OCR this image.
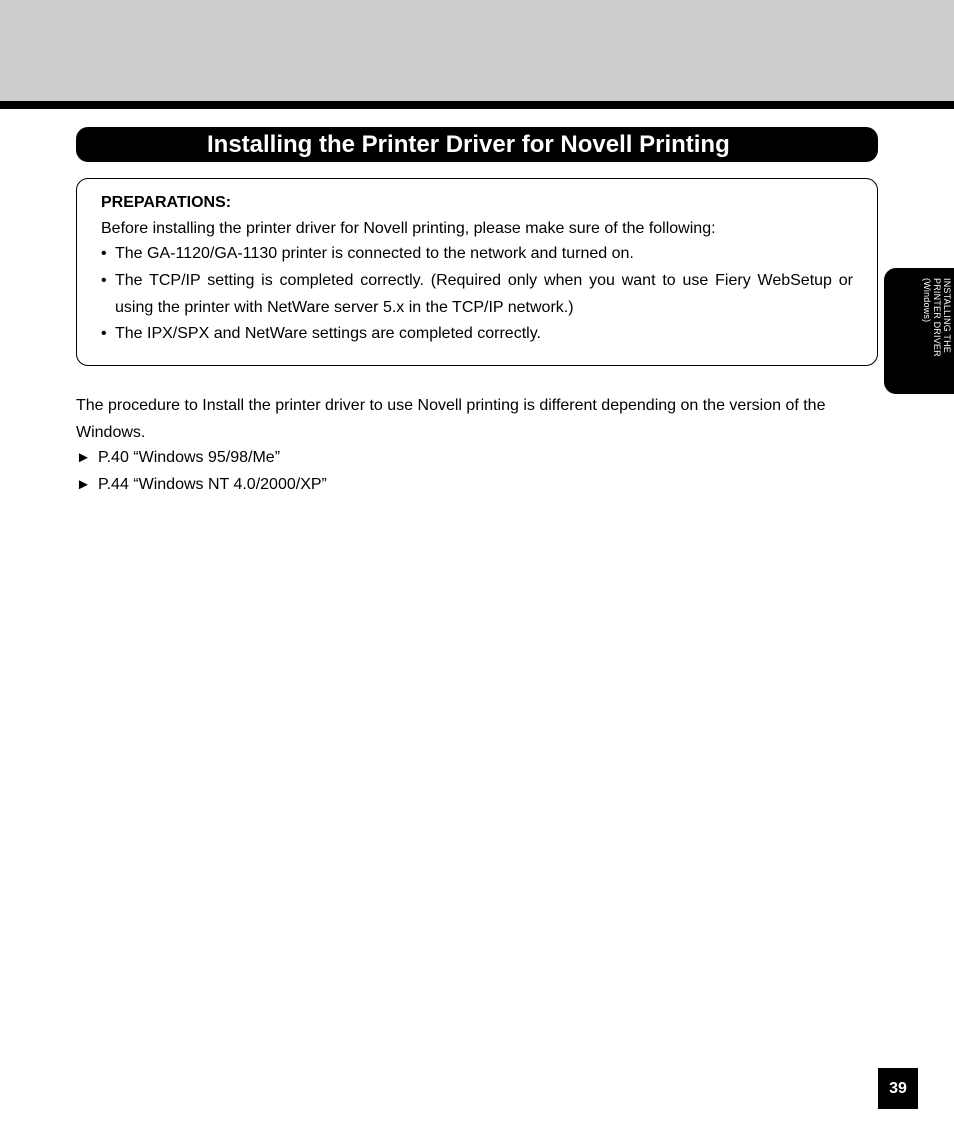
Installing the Printer Driver for Novell Printing
PREPARATIONS:
Before installing the printer driver for Novell printing, please make sure of the following:
• The GA-1120/GA-1130 printer is connected to the network and turned on.
• The TCP/IP setting is completed correctly. (Required only when you want to use Fiery WebSetup or using the printer with NetWare server 5.x in the TCP/IP network.)
• The IPX/SPX and NetWare settings are completed correctly.

The procedure to Install the printer driver to use Novell printing is different depending on the version of the Windows.

► P.40 “Windows 95/98/Me”
► P.44 “Windows NT 4.0/2000/XP”
INSTALLING THE
PRINTER DRIVER
(Windows)
39
